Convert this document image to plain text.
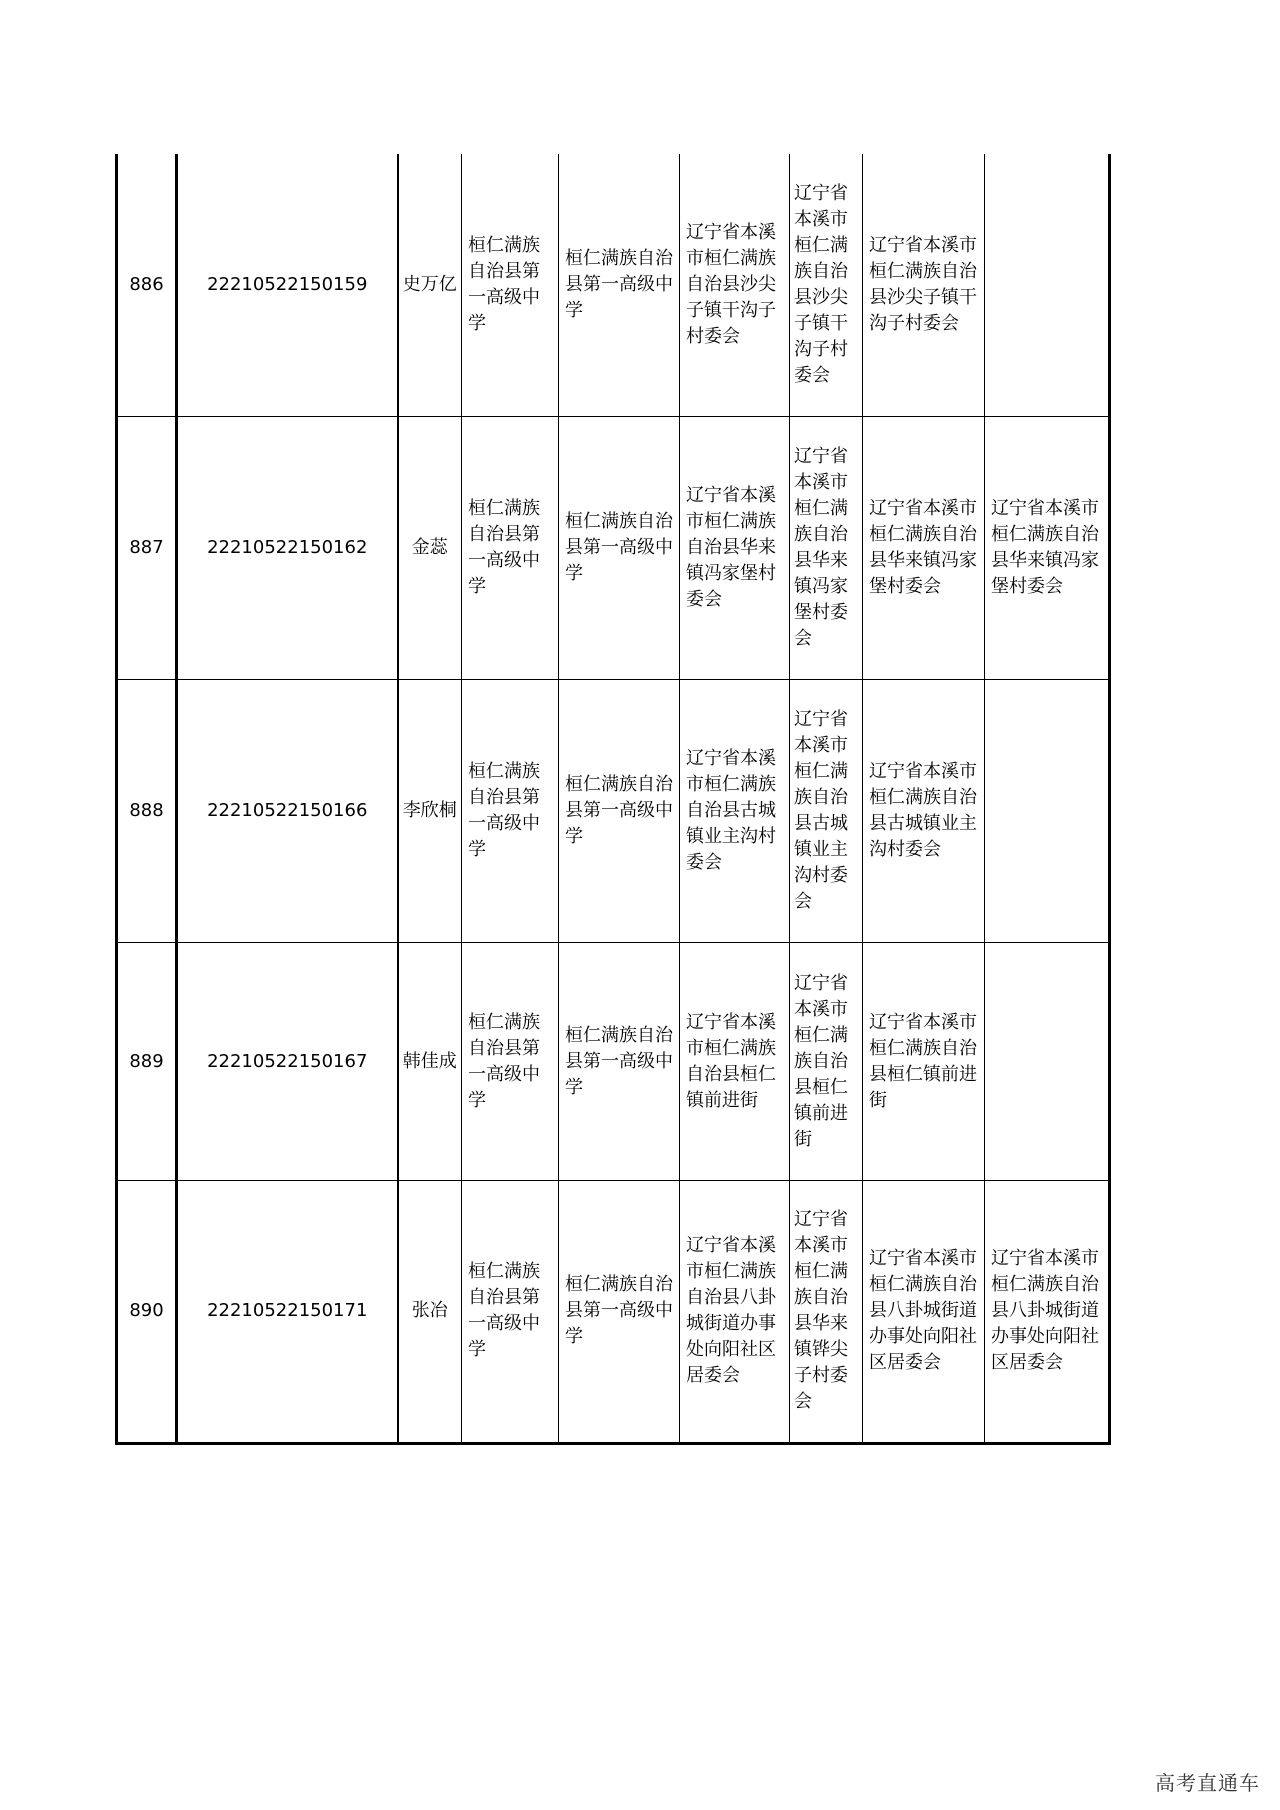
886	22210522150159	史万亿	桓仁满族自治县第一高级中学	桓仁满族自治县第一高级中学	辽宁省本溪市桓仁满族自治县沙尖子镇干沟子村委会	辽宁省本溪市桓仁满族自治县沙尖子镇干沟子村委会	辽宁省本溪市桓仁满族自治县沙尖子镇干沟子村委会	
887	22210522150162	金蕊	桓仁满族自治县第一高级中学	桓仁满族自治县第一高级中学	辽宁省本溪市桓仁满族自治县华来镇冯家堡村委会	辽宁省本溪市桓仁满族自治县华来镇冯家堡村委会	辽宁省本溪市桓仁满族自治县华来镇冯家堡村委会	辽宁省本溪市桓仁满族自治县华来镇冯家堡村委会
888	22210522150166	李欣桐	桓仁满族自治县第一高级中学	桓仁满族自治县第一高级中学	辽宁省本溪市桓仁满族自治县古城镇业主沟村委会	辽宁省本溪市桓仁满族自治县古城镇业主沟村委会	辽宁省本溪市桓仁满族自治县古城镇业主沟村委会	
889	22210522150167	韩佳成	桓仁满族自治县第一高级中学	桓仁满族自治县第一高级中学	辽宁省本溪市桓仁满族自治县桓仁镇前进街	辽宁省本溪市桓仁满族自治县桓仁镇前进街	辽宁省本溪市桓仁满族自治县桓仁镇前进街	
890	22210522150171	张冶	桓仁满族自治县第一高级中学	桓仁满族自治县第一高级中学	辽宁省本溪市桓仁满族自治县八卦城街道办事处向阳社区居委会	辽宁省本溪市桓仁满族自治县华来镇铧尖子村委会	辽宁省本溪市桓仁满族自治县八卦城街道办事处向阳社区居委会	辽宁省本溪市桓仁满族自治县八卦城街道办事处向阳社区居委会
高考直通车
